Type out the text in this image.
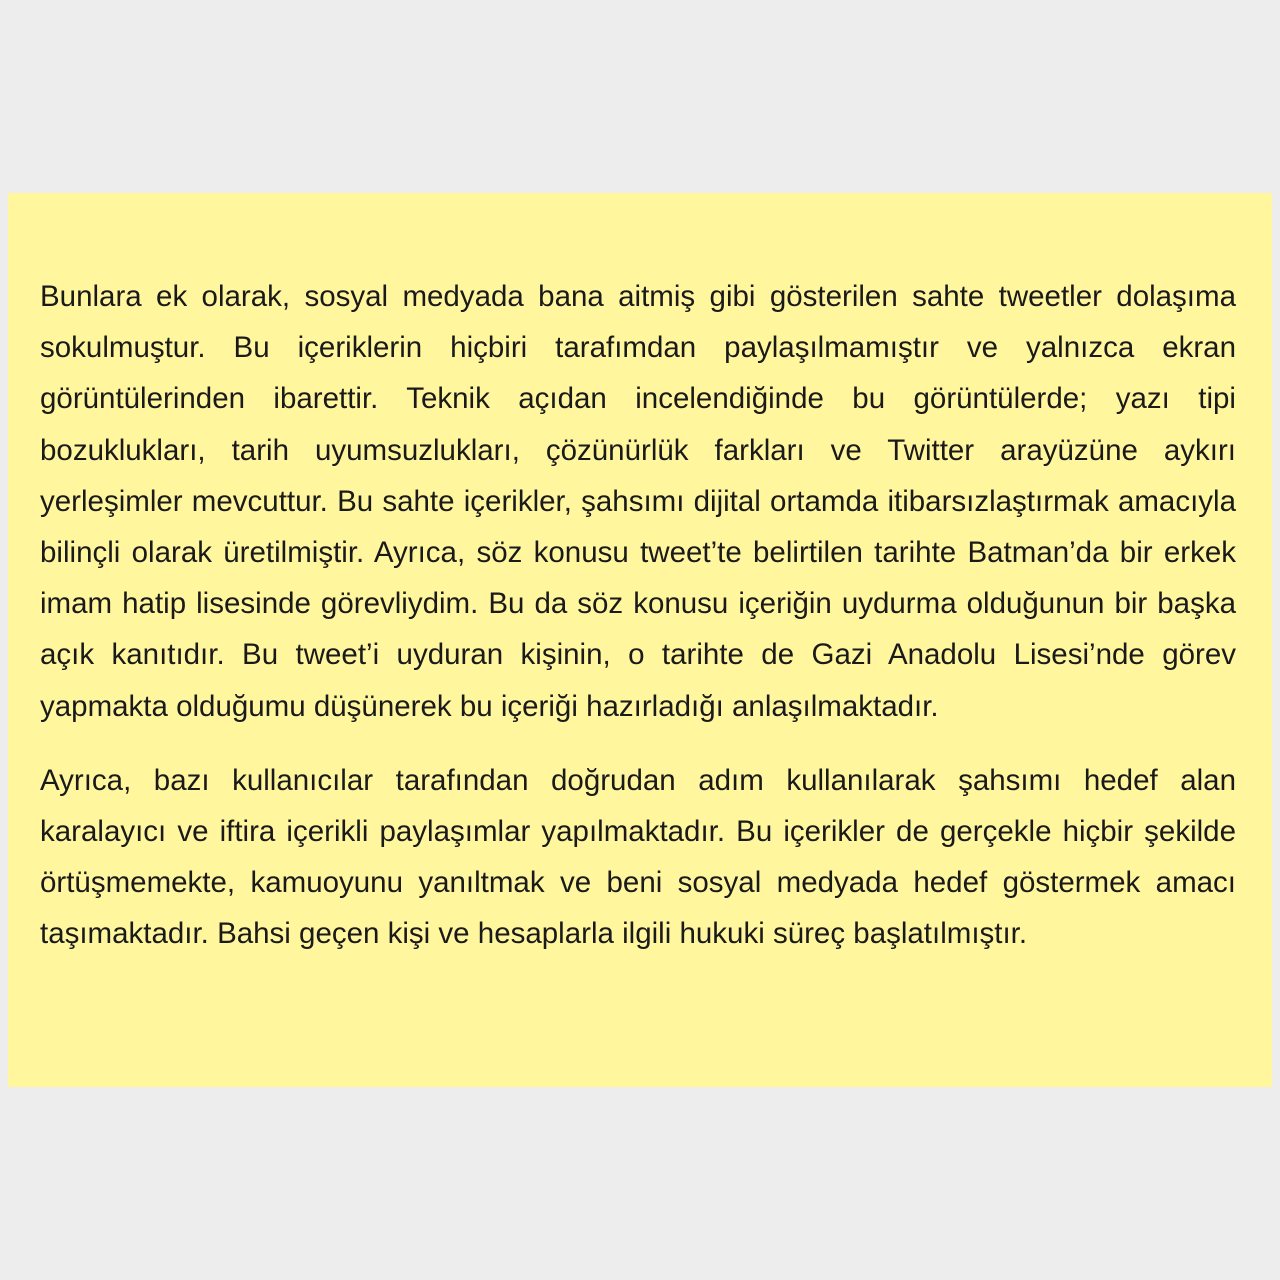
Bunlara ek olarak, sosyal medyada bana aitmiş gibi gösterilen sahte tweetler dolaşıma sokulmuştur. Bu içeriklerin hiçbiri tarafımdan paylaşılmamıştır ve yalnızca ekran görüntülerinden ibarettir. Teknik açıdan incelendiğinde bu görüntülerde; yazı tipi bozuklukları, tarih uyumsuzlukları, çözünürlük farkları ve Twitter arayüzüne aykırı yerleşimler mevcuttur. Bu sahte içerikler, şahsımı dijital ortamda itibarsızlaştırmak amacıyla bilinçli olarak üretilmiştir. Ayrıca, söz konusu tweet’te belirtilen tarihte Batman’da bir erkek imam hatip lisesinde görevliydim. Bu da söz konusu içeriğin uydurma olduğunun bir başka açık kanıtıdır. Bu tweet’i uyduran kişinin, o tarihte de Gazi Anadolu Lisesi’nde görev yapmakta olduğumu düşünerek bu içeriği hazırladığı anlaşılmaktadır.

Ayrıca, bazı kullanıcılar tarafından doğrudan adım kullanılarak şahsımı hedef alan karalayıcı ve iftira içerikli paylaşımlar yapılmaktadır. Bu içerikler de gerçekle hiçbir şekilde örtüşmemekte, kamuoyunu yanıltmak ve beni sosyal medyada hedef göstermek amacı taşımaktadır. Bahsi geçen kişi ve hesaplarla ilgili hukuki süreç başlatılmıştır.
